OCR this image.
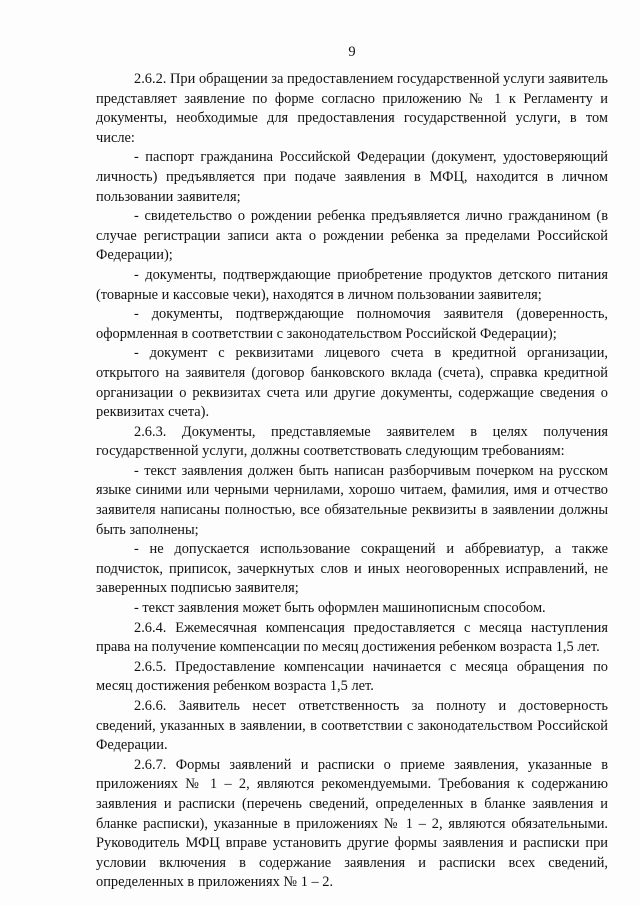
9

2.6.2. При обращении за предоставлением государственной услуги заявитель представляет заявление по форме согласно приложению № 1 к Регламенту и документы, необходимые для предоставления государственной услуги, в том числе:

- паспорт гражданина Российской Федерации (документ, удостоверяющий личность) предъявляется при подаче заявления в МФЦ, находится в личном пользовании заявителя;

- свидетельство о рождении ребенка предъявляется лично гражданином (в случае регистрации записи акта о рождении ребенка за пределами Российской Федерации);

- документы, подтверждающие приобретение продуктов детского питания (товарные и кассовые чеки), находятся в личном пользовании заявителя;

- документы, подтверждающие полномочия заявителя (доверенность, оформленная в соответствии с законодательством Российской Федерации);

- документ с реквизитами лицевого счета в кредитной организации, открытого на заявителя (договор банковского вклада (счета), справка кредитной организации о реквизитах счета или другие документы, содержащие сведения о реквизитах счета).

2.6.3. Документы, представляемые заявителем в целях получения государственной услуги, должны соответствовать следующим требованиям:

- текст заявления должен быть написан разборчивым почерком на русском языке синими или черными чернилами, хорошо читаем, фамилия, имя и отчество заявителя написаны полностью, все обязательные реквизиты в заявлении должны быть заполнены;

- не допускается использование сокращений и аббревиатур, а также подчисток, приписок, зачеркнутых слов и иных неоговоренных исправлений, не заверенных подписью заявителя;

- текст заявления может быть оформлен машинописным способом.

2.6.4. Ежемесячная компенсация предоставляется с месяца наступления права на получение компенсации по месяц достижения ребенком возраста 1,5 лет.

2.6.5. Предоставление компенсации начинается с месяца обращения по месяц достижения ребенком возраста 1,5 лет.

2.6.6. Заявитель несет ответственность за полноту и достоверность сведений, указанных в заявлении, в соответствии с законодательством Российской Федерации.

2.6.7. Формы заявлений и расписки о приеме заявления, указанные в приложениях № 1 – 2, являются рекомендуемыми. Требования к содержанию заявления и расписки (перечень сведений, определенных в бланке заявления и бланке расписки), указанные в приложениях № 1 – 2, являются обязательными. Руководитель МФЦ вправе установить другие формы заявления и расписки при условии включения в содержание заявления и расписки всех сведений, определенных в приложениях № 1 – 2.
